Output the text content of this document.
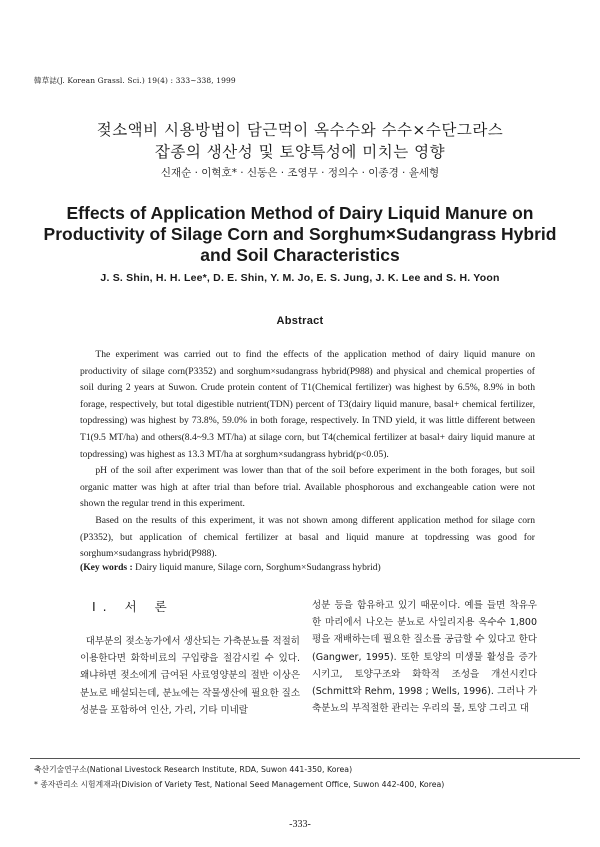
韓草誌(J. Korean Grassl. Sci.) 19(4) : 333~338, 1999
젖소액비 시용방법이 담근먹이 옥수수와 수수×수단그라스
잡종의 생산성 및 토양특성에 미치는 영향
신재순 · 이혁호* · 신동은 · 조영무 · 정의수 · 이종경 · 윤세형
Effects of Application Method of Dairy Liquid Manure on
Productivity of Silage Corn and Sorghum×Sudangrass Hybrid
and Soil Characteristics
J. S. Shin, H. H. Lee*, D. E. Shin, Y. M. Jo, E. S. Jung, J. K. Lee and S. H. Yoon
Abstract

The experiment was carried out to find the effects of the application method of dairy liquid manure on productivity of silage corn(P3352) and sorghum×sudangrass hybrid(P988) and physical and chemical properties of soil during 2 years at Suwon. Crude protein content of T1(Chemical fertilizer) was highest by 6.5%, 8.9% in both forage, respectively, but total digestible nutrient(TDN) percent of T3(dairy liquid manure, basal+ chemical fertilizer, topdressing) was highest by 73.8%, 59.0% in both forage, respectively. In TND yield, it was little different between T1(9.5 MT/ha) and others(8.4~9.3 MT/ha) at silage corn, but T4(chemical fertilizer at basal+ dairy liquid manure at topdressing) was highest as 13.3 MT/ha at sorghum×sudangrass hybrid(p<0.05).

pH of the soil after experiment was lower than that of the soil before experiment in the both forages, but soil organic matter was high at after trial than before trial. Available phosphorous and exchangeable cation were not shown the regular trend in this experiment.

Based on the results of this experiment, it was not shown among different application method for silage corn (P3352), but application of chemical fertilizer at basal and liquid manure at topdressing was good for sorghum×sudangrass hybrid(P988).

(Key words : Dairy liquid manure, Silage corn, Sorghum×Sudangrass hybrid)
I. 서 론

대부분의 젖소농가에서 생산되는 가축분뇨를 적절히 이용한다면 화학비료의 구입량을 절감시킬 수 있다. 왜냐하면 젖소에게 급여된 사료영양분의 절반 이상은 분뇨로 배설되는데, 분뇨에는 작물생산에 필요한 질소 성분을 포함하여 인산, 가리, 기타 미네랄

성분 등을 함유하고 있기 때문이다. 예를 들면 착유우 한 마리에서 나오는 분뇨로 사일리지용 옥수수 1,800평을 재배하는데 필요한 질소를 공급할 수 있다고 한다(Gangwer, 1995). 또한 토양의 미생물 활성을 증가시키고, 토양구조와 화학적 조성을 개선시킨다(Schmitt와 Rehm, 1998 ; Wells, 1996). 그러나 가축분뇨의 부적절한 관리는 우리의 물, 토양 그리고 대

축산기술연구소(National Livestock Research Institute, RDA, Suwon 441-350, Korea)
* 종자관리소 시험계재과(Division of Variety Test, National Seed Management Office, Suwon 442-400, Korea)
-333-
